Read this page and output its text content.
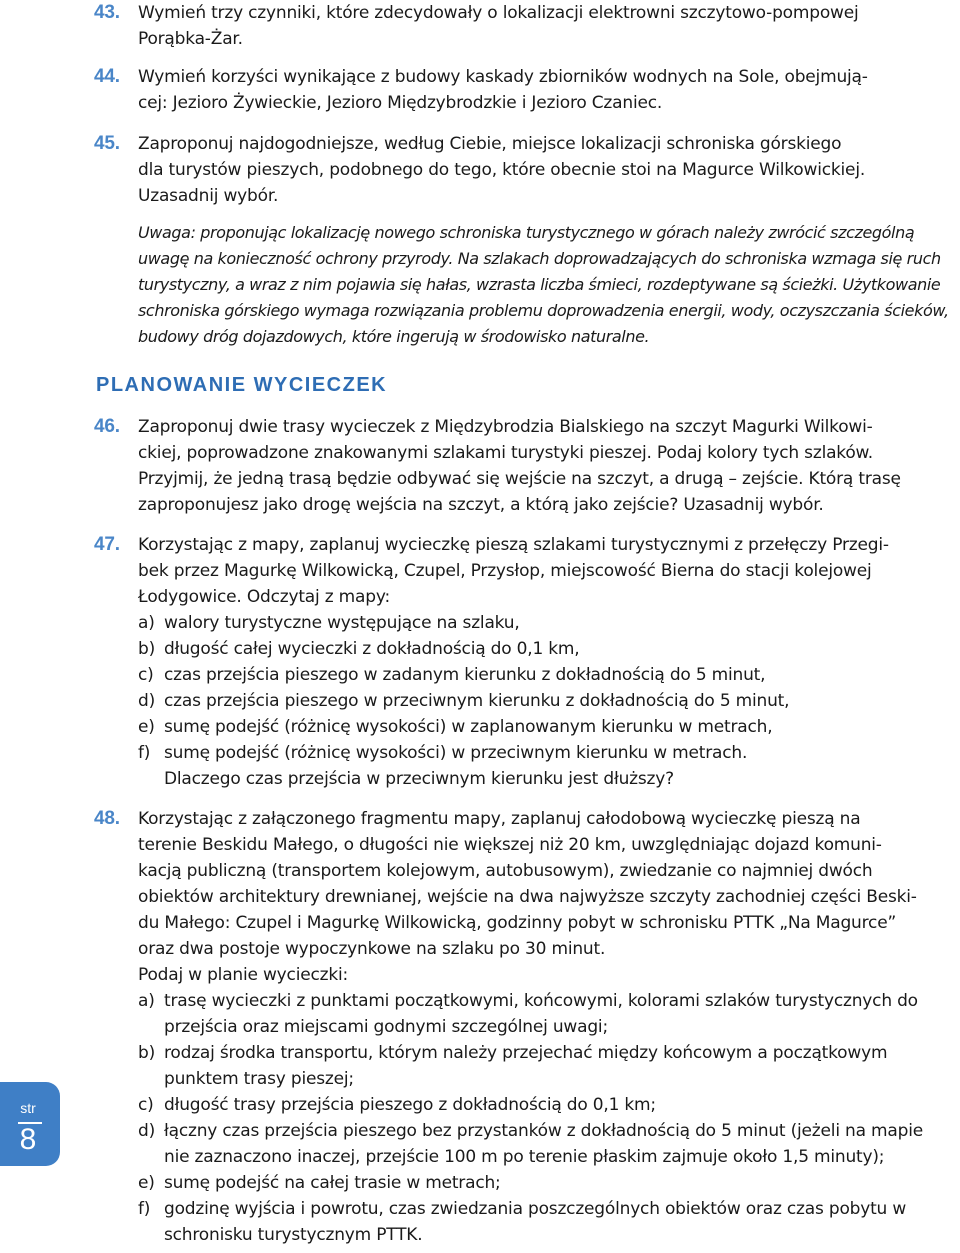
43. Wymień trzy czynniki, które zdecydowały o lokalizacji elektrowni szczytowo-pompowej
Porąbka-Żar.
44. Wymień korzyści wynikające z budowy kaskady zbiorników wodnych na Sole, obejmują-
cej: Jezioro Żywieckie, Jezioro Międzybrodzkie i Jezioro Czaniec.
45. Zaproponuj najdogodniejsze, według Ciebie, miejsce lokalizacji schroniska górskiego
dla turystów pieszych, podobnego do tego, które obecnie stoi na Magurce Wilkowickiej.
Uzasadnij wybór.
Uwaga: proponując lokalizację nowego schroniska turystycznego w górach należy zwrócić szczególną uwagę na konieczność ochrony przyrody. Na szlakach doprowadzających do schroniska wzmaga się ruch turystyczny, a wraz z nim pojawia się hałas, wzrasta liczba śmieci, rozdeptywane są ścieżki. Użytkowanie schroniska górskiego wymaga rozwiązania problemu doprowadzenia energii, wody, oczyszczania ścieków, budowy dróg dojazdowych, które ingerują w środowisko naturalne.
PLANOWANIE WYCIECZEK
46. Zaproponuj dwie trasy wycieczek z Międzybrodzia Bialskiego na szczyt Magurki Wilkowi-
ckiej, poprowadzone znakowanymi szlakami turystyki pieszej. Podaj kolory tych szlaków.
Przyjmij, że jedną trasą będzie odbywać się wejście na szczyt, a drugą – zejście. Którą trasę
zaproponujesz jako drogę wejścia na szczyt, a którą jako zejście? Uzasadnij wybór.
47. Korzystając z mapy, zaplanuj wycieczkę pieszą szlakami turystycznymi z przełęczy Przegi-
bek przez Magurkę Wilkowicką, Czupel, Przysłop, miejscowość Bierna do stacji kolejowej
Łodygowice. Odczytaj z mapy:
a) walory turystyczne występujące na szlaku,
b) długość całej wycieczki z dokładnością do 0,1 km,
c) czas przejścia pieszego w zadanym kierunku z dokładnością do 5 minut,
d) czas przejścia pieszego w przeciwnym kierunku z dokładnością do 5 minut,
e) sumę podejść (różnicę wysokości) w zaplanowanym kierunku w metrach,
f) sumę podejść (różnicę wysokości) w przeciwnym kierunku w metrach.
Dlaczego czas przejścia w przeciwnym kierunku jest dłuższy?
48. Korzystając z załączonego fragmentu mapy, zaplanuj całodobową wycieczkę pieszą na
terenie Beskidu Małego, o długości nie większej niż 20 km, uwzględniając dojazd komuni-
kacją publiczną (transportem kolejowym, autobusowym), zwiedzanie co najmniej dwóch
obiektów architektury drewnianej, wejście na dwa najwyższe szczyty zachodniej części Beski-
du Małego: Czupel i Magurkę Wilkowicką, godzinny pobyt w schronisku PTTK „Na Magurce”
oraz dwa postoje wypoczynkowe na szlaku po 30 minut.
Podaj w planie wycieczki:
a) trasę wycieczki z punktami początkowymi, końcowymi, kolorami szlaków turystycznych do przejścia oraz miejscami godnymi szczególnej uwagi;
b) rodzaj środka transportu, którym należy przejechać między końcowym a początkowym punktem trasy pieszej;
c) długość trasy przejścia pieszego z dokładnością do 0,1 km;
d) łączny czas przejścia pieszego bez przystanków z dokładnością do 5 minut (jeżeli na mapie nie zaznaczono inaczej, przejście 100 m po terenie płaskim zajmuje około 1,5 minuty);
e) sumę podejść na całej trasie w metrach;
f) godzinę wyjścia i powrotu, czas zwiedzania poszczególnych obiektów oraz czas pobytu w schronisku turystycznym PTTK.
str
8
